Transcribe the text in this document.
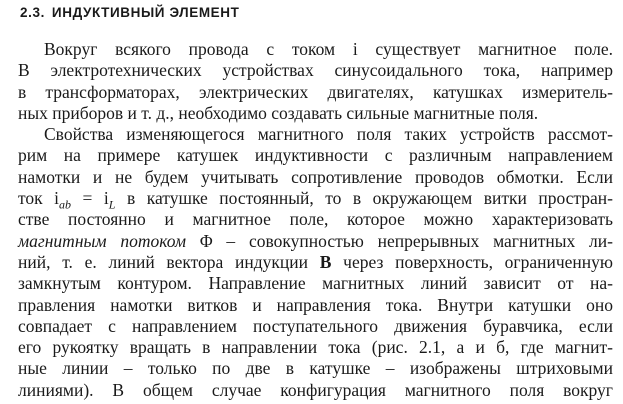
2.3. ИНДУКТИВНЫЙ ЭЛЕМЕНТ
Вокруг всякого провода с током i существует магнитное поле.
В электротехнических устройствах синусоидального тока, например
в трансформаторах, электрических двигателях, катушках измеритель-
ных приборов и т. д., необходимо создавать сильные магнитные поля.
Свойства изменяющегося магнитного поля таких устройств рассмот-
рим на примере катушек индуктивности с различным направлением
намотки и не будем учитывать сопротивление проводов обмотки. Если
ток $i_{ab} = i_L$ в катушке постоянный, то в окружающем витки простран-
стве постоянно и магнитное поле, которое можно характеризовать
магнитным потоком Φ – совокупностью непрерывных магнитных ли-
ний, т. е. линий вектора индукции B через поверхность, ограниченную
замкнутым контуром. Направление магнитных линий зависит от на-
правления намотки витков и направления тока. Внутри катушки оно
совпадает с направлением поступательного движения буравчика, если
его рукоятку вращать в направлении тока (рис. 2.1, а и б, где магнит-
ные линии – только по две в катушке – изображены штриховыми
линиями). В общем случае конфигурация магнитного поля вокруг
